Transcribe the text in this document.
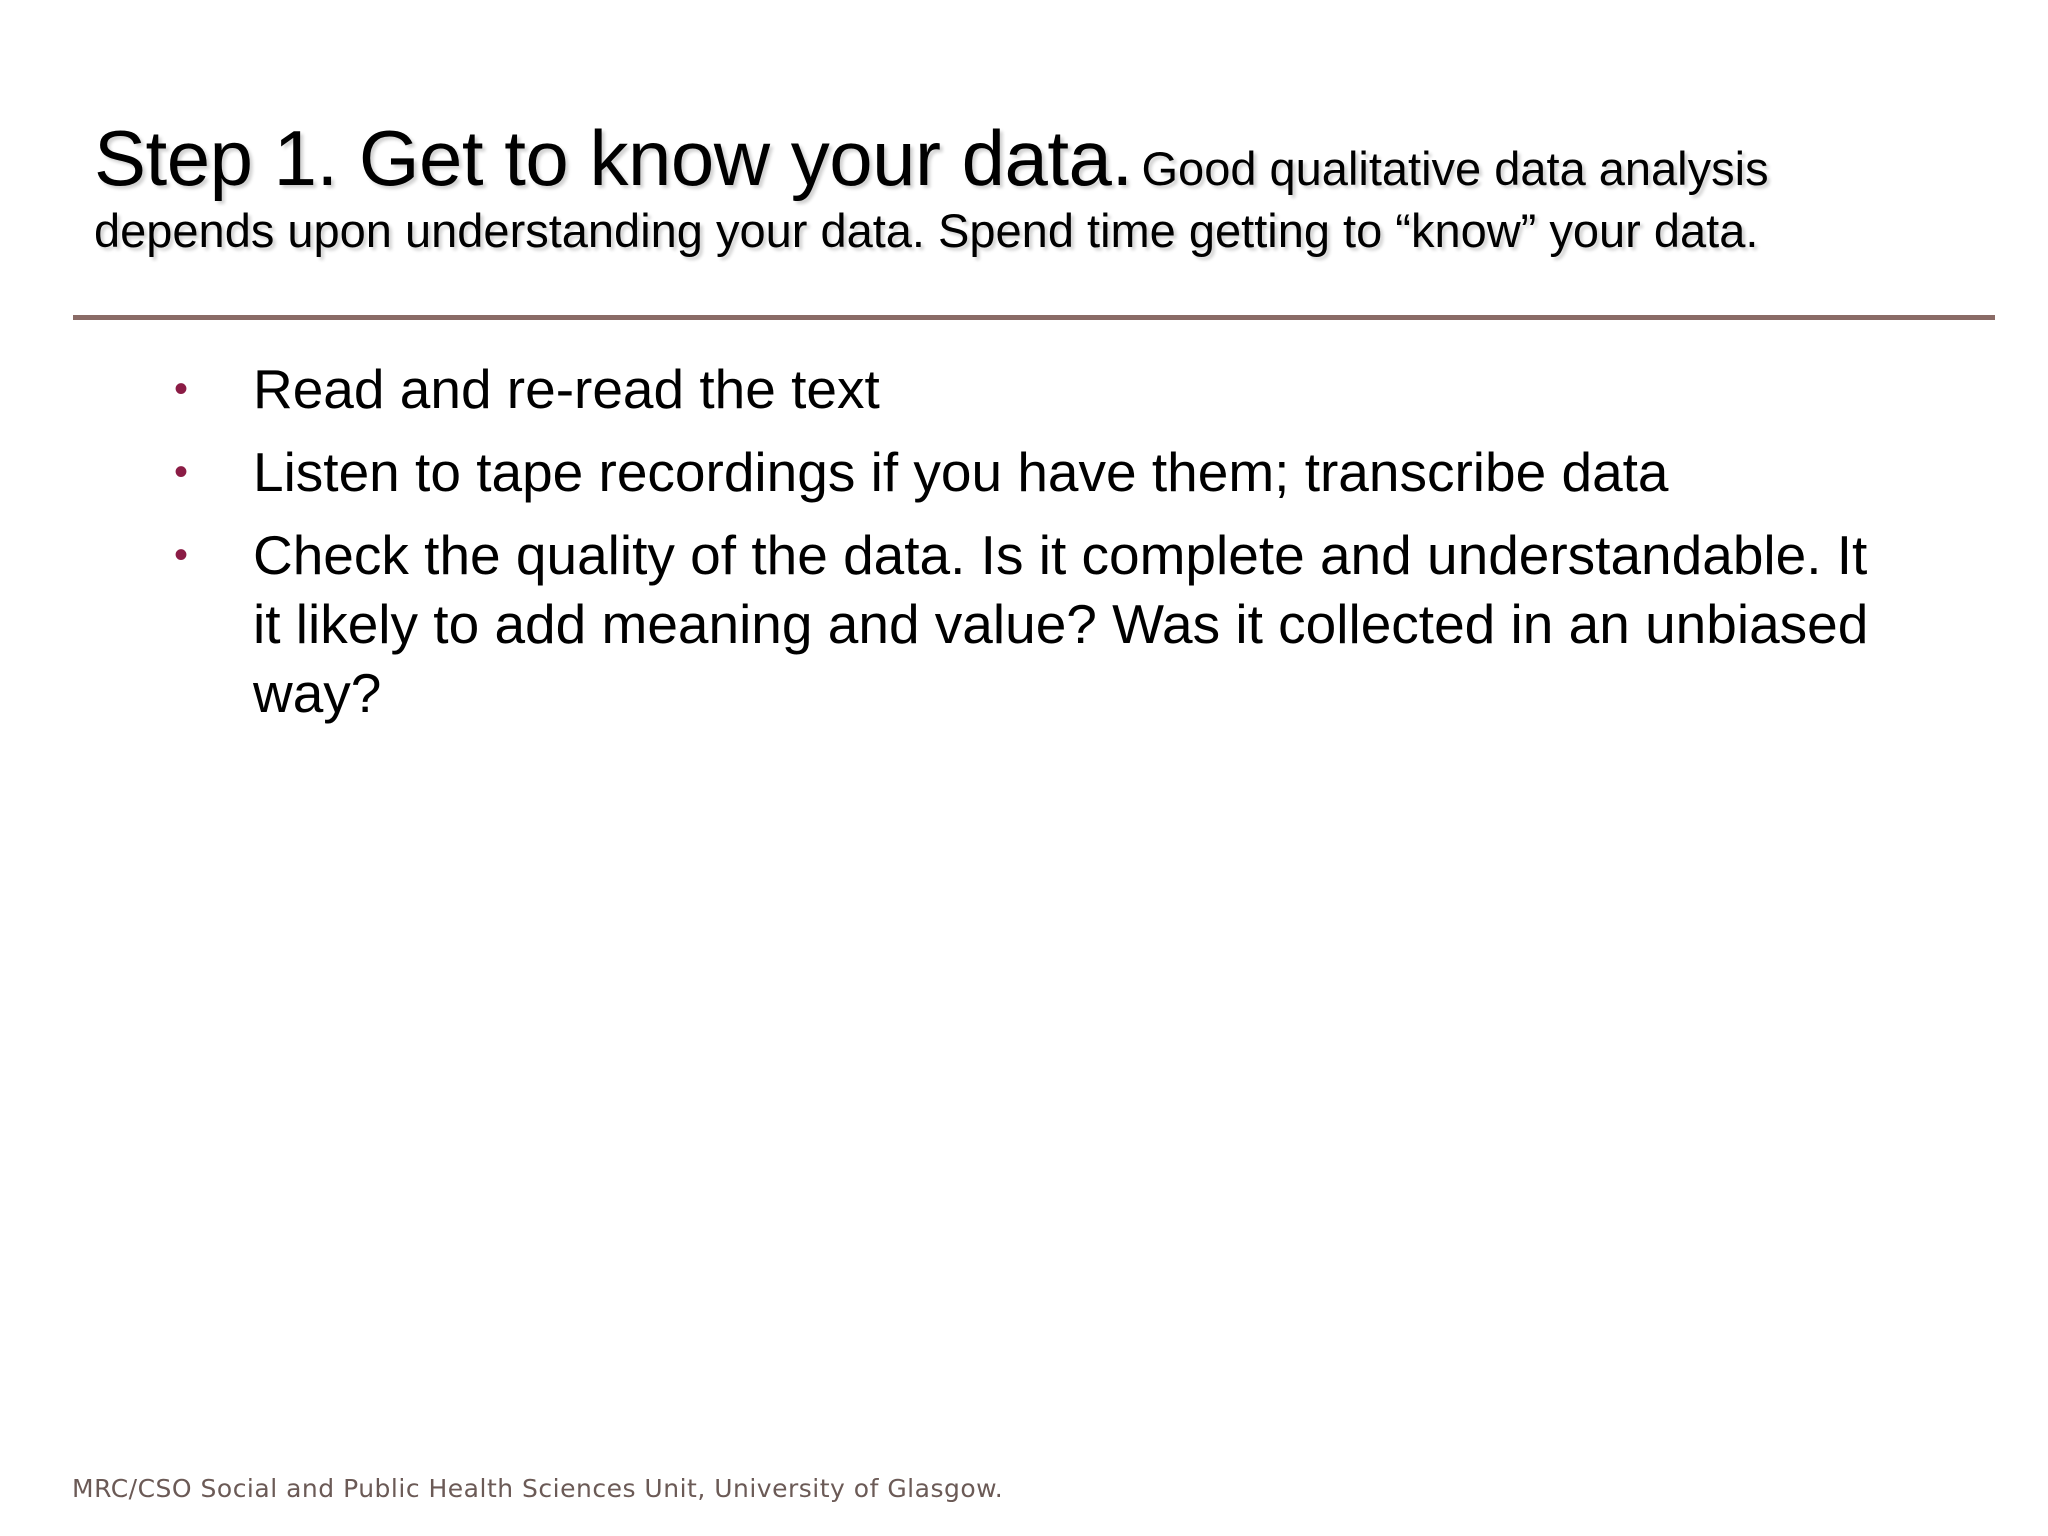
Step 1. Get to know your data. Good qualitative data analysis
depends upon understanding your data. Spend time getting to “know” your data.
• Read and re-read the text
• Listen to tape recordings if you have them; transcribe data
• Check the quality of the data. Is it complete and understandable. It it likely to add meaning and value? Was it collected in an unbiased way?
MRC/CSO Social and Public Health Sciences Unit, University of Glasgow.
